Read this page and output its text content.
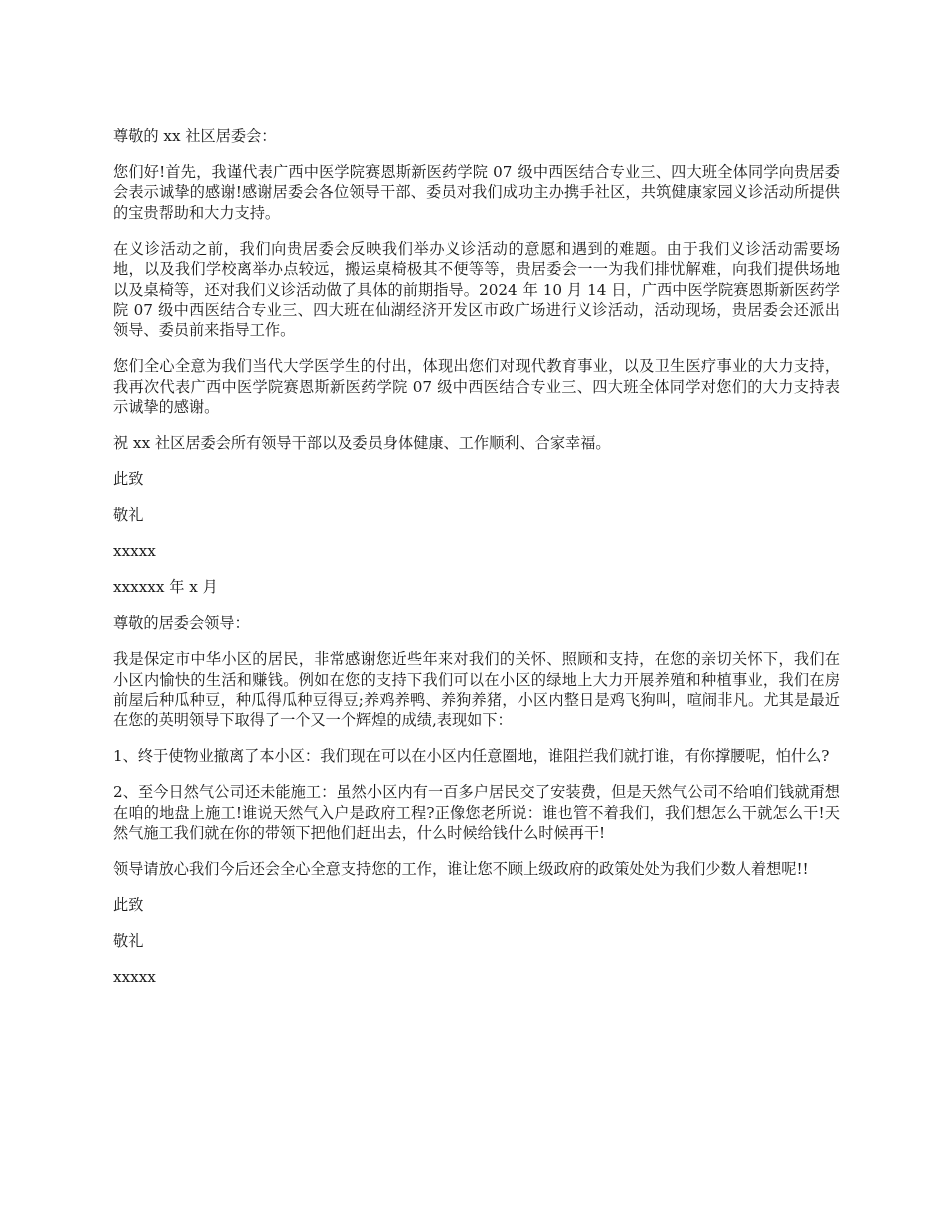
尊敬的 xx 社区居委会：

您们好!首先，我谨代表广西中医学院赛恩斯新医药学院 07 级中西医结合专业三、四大班全体同学向贵居委会表示诚挚的感谢!感谢居委会各位领导干部、委员对我们成功主办携手社区，共筑健康家园义诊活动所提供的宝贵帮助和大力支持。

在义诊活动之前，我们向贵居委会反映我们举办义诊活动的意愿和遇到的难题。由于我们义诊活动需要场地，以及我们学校离举办点较远，搬运桌椅极其不便等等，贵居委会一一为我们排忧解难，向我们提供场地以及桌椅等，还对我们义诊活动做了具体的前期指导。2024 年 10 月 14 日，广西中医学院赛恩斯新医药学院 07 级中西医结合专业三、四大班在仙湖经济开发区市政广场进行义诊活动，活动现场，贵居委会还派出领导、委员前来指导工作。

您们全心全意为我们当代大学医学生的付出，体现出您们对现代教育事业，以及卫生医疗事业的大力支持，我再次代表广西中医学院赛恩斯新医药学院 07 级中西医结合专业三、四大班全体同学对您们的大力支持表示诚挚的感谢。

祝 xx 社区居委会所有领导干部以及委员身体健康、工作顺利、合家幸福。

此致

敬礼

xxxxx

xxxxxx 年 x 月

尊敬的居委会领导：

我是保定市中华小区的居民，非常感谢您近些年来对我们的关怀、照顾和支持，在您的亲切关怀下，我们在小区内愉快的生活和赚钱。例如在您的支持下我们可以在小区的绿地上大力开展养殖和种植事业，我们在房前屋后种瓜种豆，种瓜得瓜种豆得豆;养鸡养鸭、养狗养猪，小区内整日是鸡飞狗叫，喧闹非凡。尤其是最近在您的英明领导下取得了一个又一个辉煌的成绩,表现如下：

1、终于使物业撤离了本小区：我们现在可以在小区内任意圈地，谁阻拦我们就打谁，有你撑腰呢，怕什么?

2、至今日然气公司还未能施工：虽然小区内有一百多户居民交了安装费，但是天然气公司不给咱们钱就甭想在咱的地盘上施工!谁说天然气入户是政府工程?正像您老所说：谁也管不着我们，我们想怎么干就怎么干!天然气施工我们就在你的带领下把他们赶出去，什么时候给钱什么时候再干!

领导请放心我们今后还会全心全意支持您的工作，谁让您不顾上级政府的政策处处为我们少数人着想呢!!

此致

敬礼

xxxxx
